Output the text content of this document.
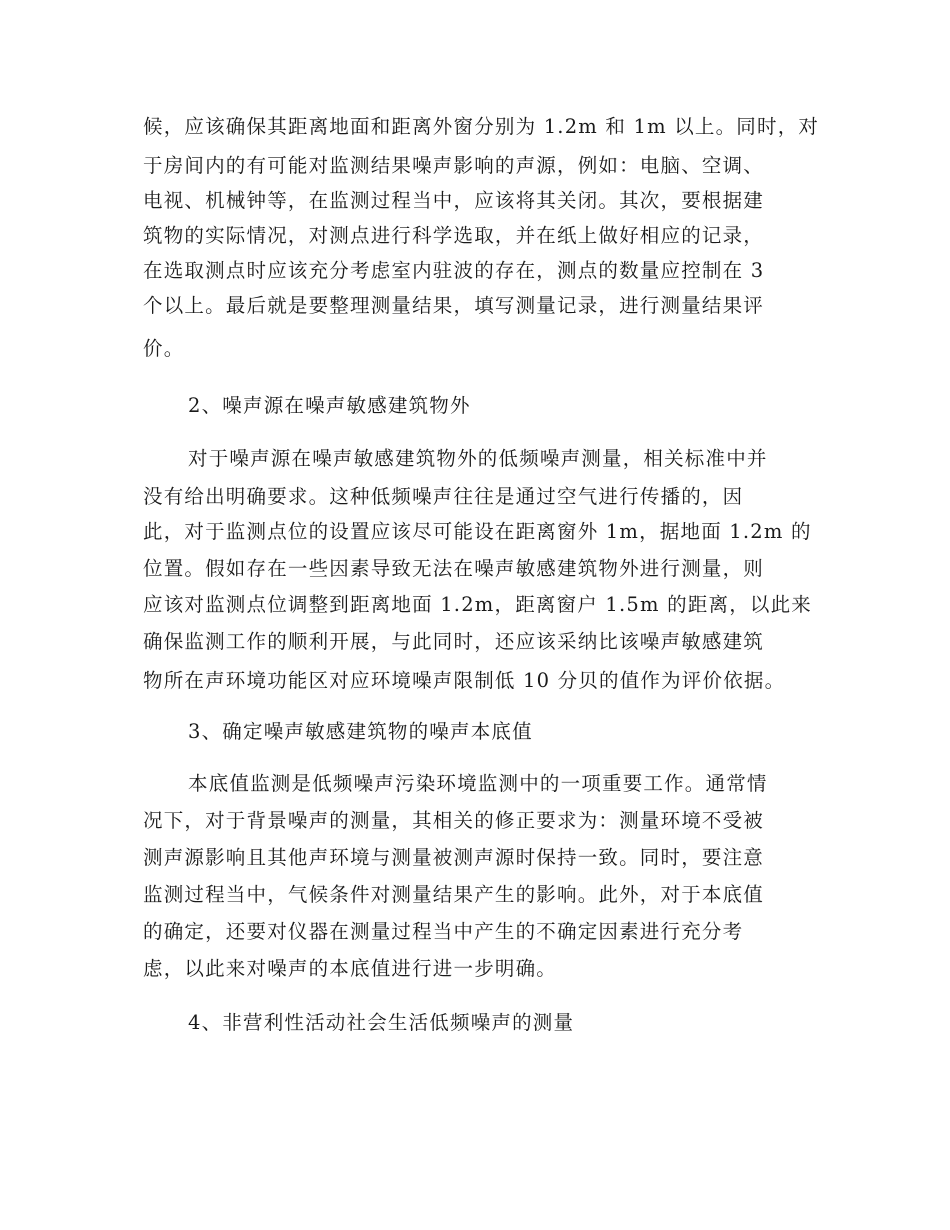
候，应该确保其距离地面和距离外窗分别为 1.2m 和 1m 以上。同时，对
于房间内的有可能对监测结果噪声影响的声源，例如：电脑、空调、
电视、机械钟等，在监测过程当中，应该将其关闭。其次，要根据建
筑物的实际情况，对测点进行科学选取，并在纸上做好相应的记录，
在选取测点时应该充分考虑室内驻波的存在，测点的数量应控制在 3
个以上。最后就是要整理测量结果，填写测量记录，进行测量结果评
价。
2、噪声源在噪声敏感建筑物外
对于噪声源在噪声敏感建筑物外的低频噪声测量，相关标准中并
没有给出明确要求。这种低频噪声往往是通过空气进行传播的，因
此，对于监测点位的设置应该尽可能设在距离窗外 1m，据地面 1.2m 的
位置。假如存在一些因素导致无法在噪声敏感建筑物外进行测量，则
应该对监测点位调整到距离地面 1.2m，距离窗户 1.5m 的距离，以此来
确保监测工作的顺利开展，与此同时，还应该采纳比该噪声敏感建筑
物所在声环境功能区对应环境噪声限制低 10 分贝的值作为评价依据。
3、确定噪声敏感建筑物的噪声本底值
本底值监测是低频噪声污染环境监测中的一项重要工作。通常情
况下，对于背景噪声的测量，其相关的修正要求为：测量环境不受被
测声源影响且其他声环境与测量被测声源时保持一致。同时，要注意
监测过程当中，气候条件对测量结果产生的影响。此外，对于本底值
的确定，还要对仪器在测量过程当中产生的不确定因素进行充分考
虑，以此来对噪声的本底值进行进一步明确。
4、非营利性活动社会生活低频噪声的测量
